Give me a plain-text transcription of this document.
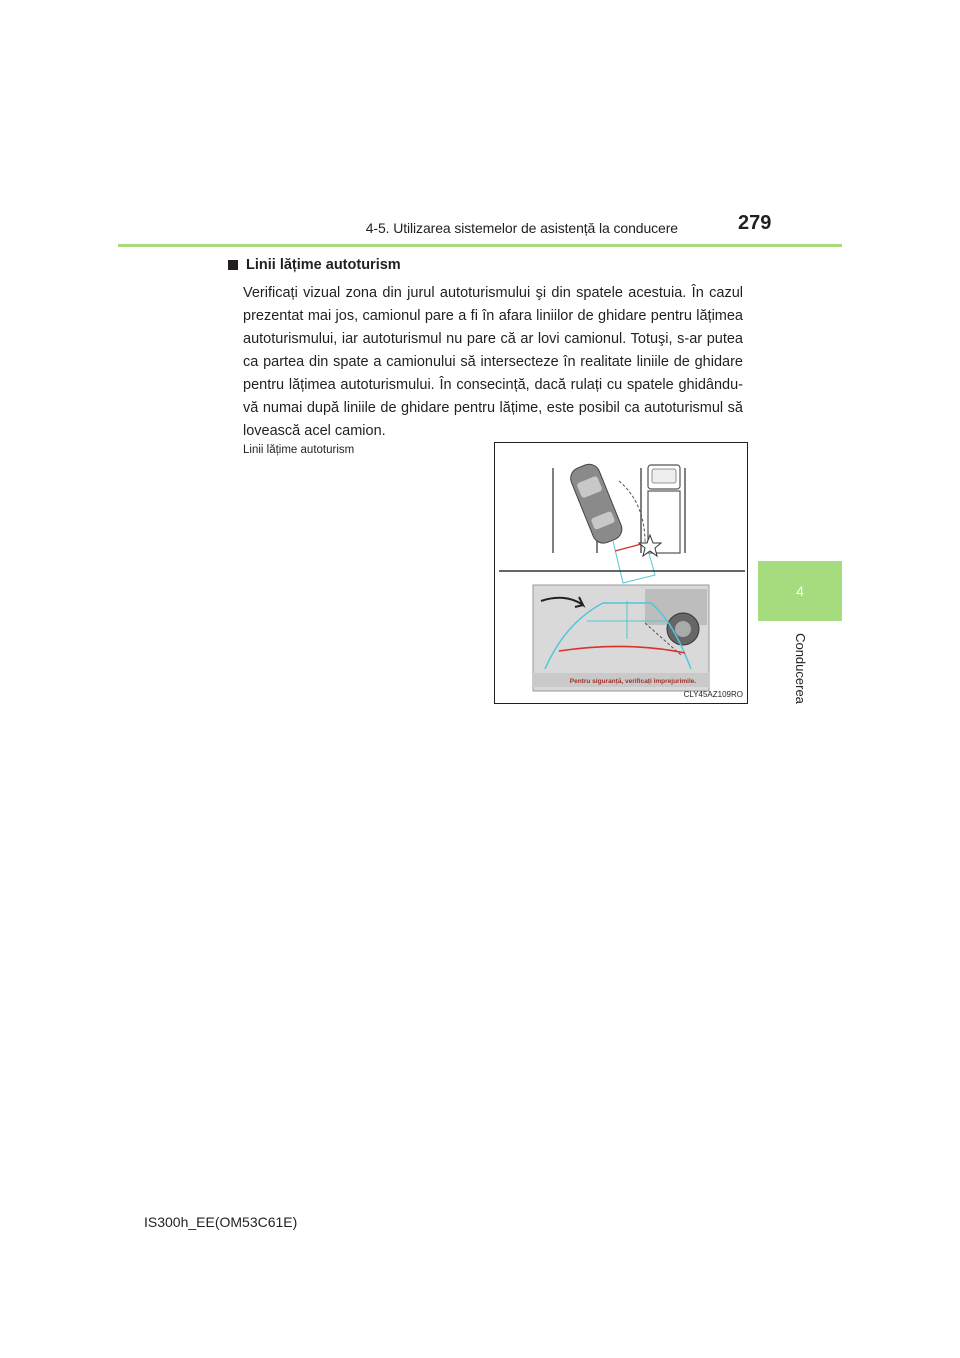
4-5. Utilizarea sistemelor de asistență la conducere	279
4
Conducerea
Linii lățime autoturism

Verificați vizual zona din jurul autoturismului şi din spatele acestuia. În cazul prezentat mai jos, camionul pare a fi în afara liniilor de ghidare pentru lățimea autoturismului, iar autoturismul nu pare că ar lovi camionul. Totuşi, s-ar putea ca partea din spate a camionului să intersecteze în realitate liniile de ghidare pentru lățimea autoturismului. În consecință, dacă rulați cu spatele ghidându-vă numai după liniile de ghidare pentru lățime, este posibil ca autoturismul să lovească acel camion.

Linii lățime autoturism
Pentru siguranță, verificați împrejurimile.
CLY45AZ109RO
IS300h_EE(OM53C61E)
